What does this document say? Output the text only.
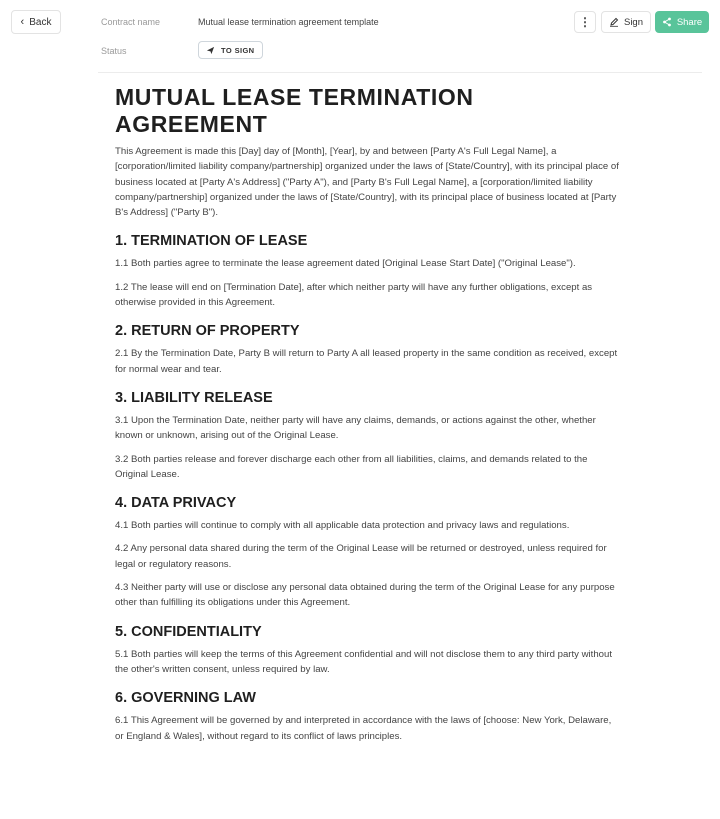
‹ Back	Contract name	Mutual lease termination agreement template
Status	TO SIGN
⋮	Sign	Share
MUTUAL LEASE TERMINATION AGREEMENT

This Agreement is made this [Day] day of [Month], [Year], by and between [Party A's Full Legal Name], a [corporation/limited liability company/partnership] organized under the laws of [State/Country], with its principal place of business located at [Party A's Address] ("Party A"), and [Party B's Full Legal Name], a [corporation/limited liability company/partnership] organized under the laws of [State/Country], with its principal place of business located at [Party B's Address] ("Party B").

1. TERMINATION OF LEASE

1.1 Both parties agree to terminate the lease agreement dated [Original Lease Start Date] ("Original Lease").

1.2 The lease will end on [Termination Date], after which neither party will have any further obligations, except as otherwise provided in this Agreement.

2. RETURN OF PROPERTY

2.1 By the Termination Date, Party B will return to Party A all leased property in the same condition as received, except for normal wear and tear.

3. LIABILITY RELEASE

3.1 Upon the Termination Date, neither party will have any claims, demands, or actions against the other, whether known or unknown, arising out of the Original Lease.

3.2 Both parties release and forever discharge each other from all liabilities, claims, and demands related to the Original Lease.

4. DATA PRIVACY

4.1 Both parties will continue to comply with all applicable data protection and privacy laws and regulations.

4.2 Any personal data shared during the term of the Original Lease will be returned or destroyed, unless required for legal or regulatory reasons.

4.3 Neither party will use or disclose any personal data obtained during the term of the Original Lease for any purpose other than fulfilling its obligations under this Agreement.

5. CONFIDENTIALITY

5.1 Both parties will keep the terms of this Agreement confidential and will not disclose them to any third party without the other's written consent, unless required by law.

6. GOVERNING LAW

6.1 This Agreement will be governed by and interpreted in accordance with the laws of [choose: New York, Delaware, or England & Wales], without regard to its conflict of laws principles.
